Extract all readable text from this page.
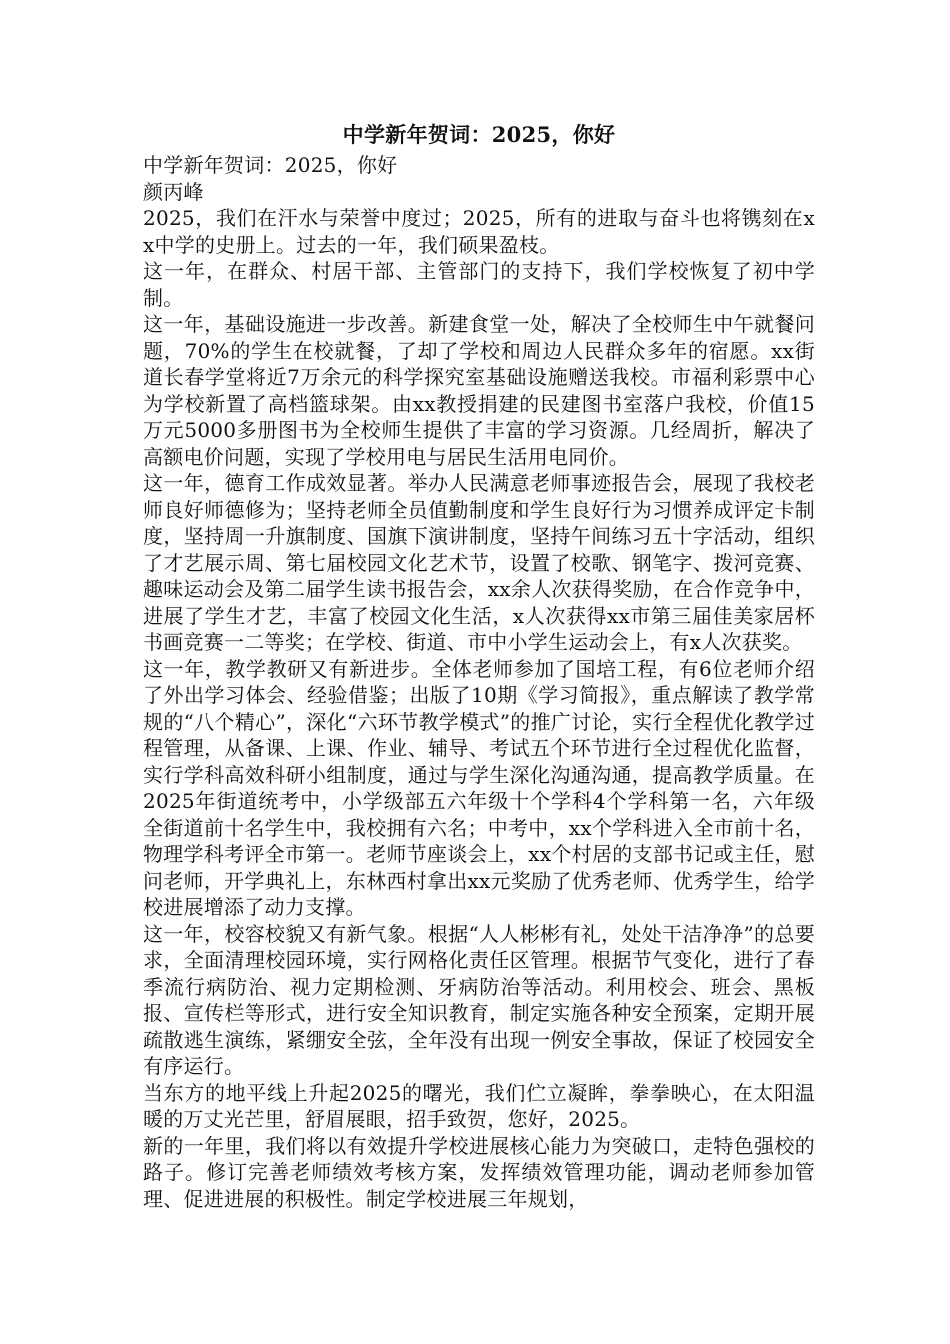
中学新年贺词：2025，你好

中学新年贺词：2025，你好

颜丙峰

2025，我们在汗水与荣誉中度过；2025，所有的进取与奋斗也将镌刻在xx中学的史册上。过去的一年，我们硕果盈枝。

这一年，在群众、村居干部、主管部门的支持下，我们学校恢复了初中学制。

这一年，基础设施进一步改善。新建食堂一处，解决了全校师生中午就餐问题，70%的学生在校就餐，了却了学校和周边人民群众多年的宿愿。xx街道长春学堂将近7万余元的科学探究室基础设施赠送我校。市福利彩票中心为学校新置了高档篮球架。由xx教授捐建的民建图书室落户我校，价值15万元5000多册图书为全校师生提供了丰富的学习资源。几经周折，解决了高额电价问题，实现了学校用电与居民生活用电同价。

这一年，德育工作成效显著。举办人民满意老师事迹报告会，展现了我校老师良好师德修为；坚持老师全员值勤制度和学生良好行为习惯养成评定卡制度，坚持周一升旗制度、国旗下演讲制度，坚持午间练习五十字活动，组织了才艺展示周、第七届校园文化艺术节，设置了校歌、钢笔字、拨河竞赛、趣味运动会及第二届学生读书报告会，xx余人次获得奖励，在合作竞争中，进展了学生才艺，丰富了校园文化生活，x人次获得xx市第三届佳美家居杯书画竞赛一二等奖；在学校、街道、市中小学生运动会上，有x人次获奖。

这一年，教学教研又有新进步。全体老师参加了国培工程，有6位老师介绍了外出学习体会、经验借鉴；出版了10期《学习简报》，重点解读了教学常规的“八个精心”，深化“六环节教学模式”的推广讨论，实行全程优化教学过程管理，从备课、上课、作业、辅导、考试五个环节进行全过程优化监督，实行学科高效科研小组制度，通过与学生深化沟通沟通，提高教学质量。在2025年街道统考中，小学级部五六年级十个学科4个学科第一名，六年级全街道前十名学生中，我校拥有六名；中考中，xx个学科进入全市前十名，物理学科考评全市第一。老师节座谈会上，xx个村居的支部书记或主任，慰问老师，开学典礼上，东林西村拿出xx元奖励了优秀老师、优秀学生，给学校进展增添了动力支撑。

这一年，校容校貌又有新气象。根据“人人彬彬有礼，处处干洁净净”的总要求，全面清理校园环境，实行网格化责任区管理。根据节气变化，进行了春季流行病防治、视力定期检测、牙病防治等活动。利用校会、班会、黑板报、宣传栏等形式，进行安全知识教育，制定实施各种安全预案，定期开展疏散逃生演练，紧绷安全弦，全年没有出现一例安全事故，保证了校园安全有序运行。

当东方的地平线上升起2025的曙光，我们伫立凝眸，拳拳映心，在太阳温暖的万丈光芒里，舒眉展眼，招手致贺，您好，2025。

新的一年里，我们将以有效提升学校进展核心能力为突破口，走特色强校的路子。修订完善老师绩效考核方案，发挥绩效管理功能，调动老师参加管理、促进进展的积极性。制定学校进展三年规划，
